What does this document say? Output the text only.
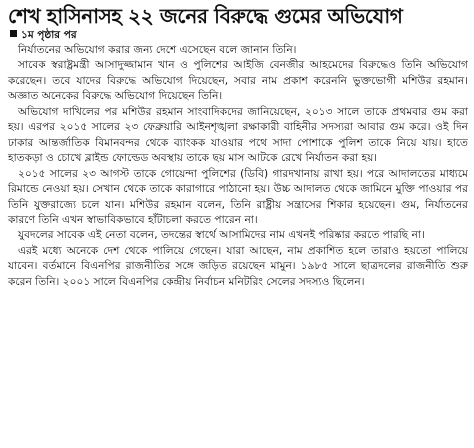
শেখ হাসিনাসহ ২২ জনের বিরুদ্ধে গুমের অভিযোগ
১ম পৃষ্ঠার পর

নির্যাতনের অভিযোগ করার জন্য দেশে এসেছেন বলে জানান তিনি।

সাবেক স্বরাষ্ট্রমন্ত্রী আসাদুজ্জামান খান ও পুলিশের আইজি বেনজীর আহমেদের বিরুদ্ধেও তিনি অভিযোগ করেছেন। তবে যাদের বিরুদ্ধে অভিযোগ দিয়েছেন, সবার নাম প্রকাশ করেননি ভুক্তভোগী মশিউর রহমান। অজ্ঞাত অনেকের বিরুদ্ধে অভিযোগ দিয়েছেন তিনি।

অভিযোগ দাখিলের পর মশিউর রহমান সাংবাদিকদের জানিয়েছেন, ২০১৩ সালে তাকে প্রথমবার গুম করা হয়। এরপর ২০১৫ সালের ২৩ ফেব্রুয়ারি আইনশৃঙ্খলা রক্ষাকারী বাহিনীর সদস্যরা আবার গুম করে। ওই দিন ঢাকার আন্তর্জাতিক বিমানবন্দর থেকে ব্যাংকক যাওয়ার পথে সাদা পোশাকে পুলিশ তাকে নিয়ে যায়। হাতে হাতকড়া ও চোখে ব্লাইন্ড ফোল্ডেড অবস্থায় তাকে ছয় মাস আটকে রেখে নির্যাতন করা হয়।

২০১৫ সালের ২৩ আগস্ট তাকে গোয়েন্দা পুলিশের (ডিবি) গারদখানায় রাখা হয়। পরে আদালতের মাধ্যমে রিমান্ডে নেওয়া হয়। সেখান থেকে তাকে কারাগারে পাঠানো হয়। উচ্চ আদালত থেকে জামিনে মুক্তি পাওয়ার পর তিনি যুক্তরাজ্যে চলে যান। মশিউর রহমান বলেন, তিনি রাষ্ট্রীয় সন্ত্রাসের শিকার হয়েছেন। গুম, নির্যাতনের কারণে তিনি এখন স্বাভাবিকভাবে হাঁটাচলা করতে পারেন না।

যুবদলের সাবেক এই নেতা বলেন, তদন্তের স্বার্থে আসামিদের নাম এখনই পরিষ্কার করতে পারছি না।

এরই মধ্যে অনেকে দেশ থেকে পালিয়ে গেছেন। যারা আছেন, নাম প্রকাশিত হলে তারাও হয়তো পালিয়ে যাবেন। বর্তমানে বিএনপির রাজনীতির সঙ্গে জড়িত রয়েছেন মামুন। ১৯৮৫ সালে ছাত্রদলের রাজনীতি শুরু করেন তিনি। ২০০১ সালে বিএনপির কেন্দ্রীয় নির্বাচন মনিটরিং সেলের সদস্যও ছিলেন।
